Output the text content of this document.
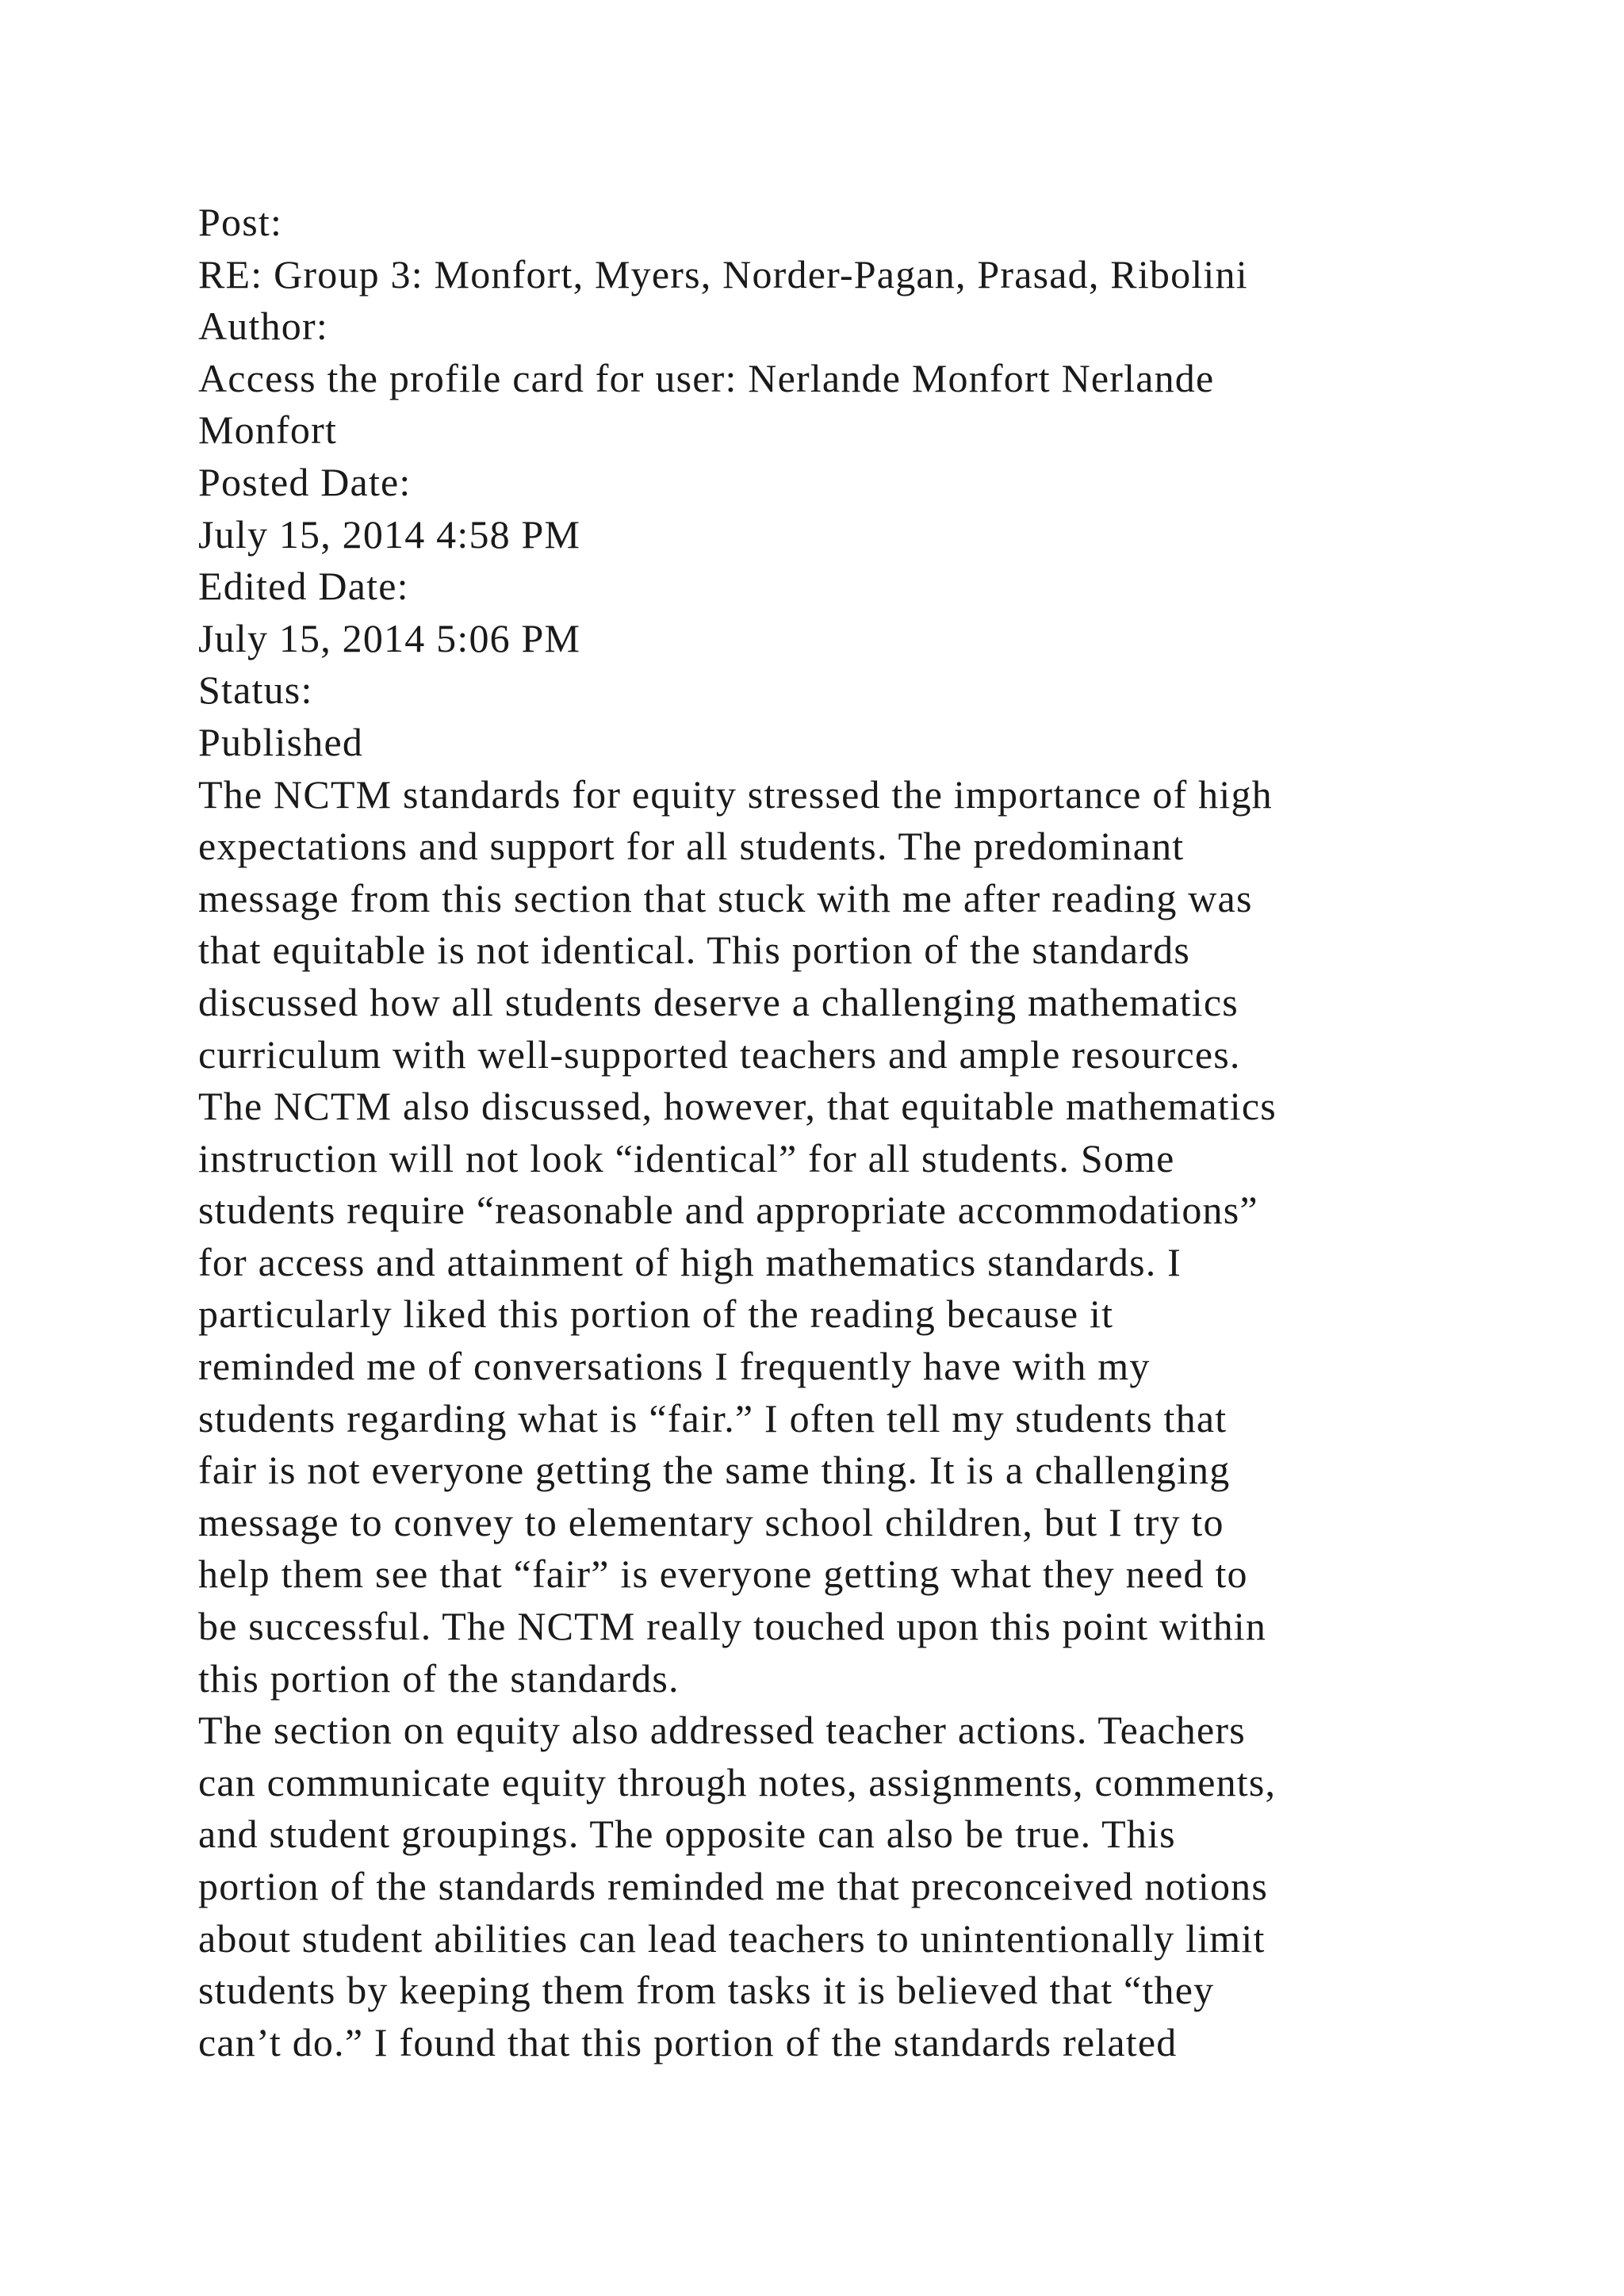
Post:
RE: Group 3: Monfort, Myers, Norder-Pagan, Prasad, Ribolini
Author:
Access the profile card for user: Nerlande Monfort Nerlande
Monfort
Posted Date:
July 15, 2014 4:58 PM
Edited Date:
July 15, 2014 5:06 PM
Status:
Published
The NCTM standards for equity stressed the importance of high
expectations and support for all students. The predominant
message from this section that stuck with me after reading was
that equitable is not identical. This portion of the standards
discussed how all students deserve a challenging mathematics
curriculum with well-supported teachers and ample resources.
The NCTM also discussed, however, that equitable mathematics
instruction will not look “identical” for all students. Some
students require “reasonable and appropriate accommodations”
for access and attainment of high mathematics standards. I
particularly liked this portion of the reading because it
reminded me of conversations I frequently have with my
students regarding what is “fair.” I often tell my students that
fair is not everyone getting the same thing. It is a challenging
message to convey to elementary school children, but I try to
help them see that “fair” is everyone getting what they need to
be successful. The NCTM really touched upon this point within
this portion of the standards.
The section on equity also addressed teacher actions. Teachers
can communicate equity through notes, assignments, comments,
and student groupings. The opposite can also be true. This
portion of the standards reminded me that preconceived notions
about student abilities can lead teachers to unintentionally limit
students by keeping them from tasks it is believed that “they
can’t do.” I found that this portion of the standards related
